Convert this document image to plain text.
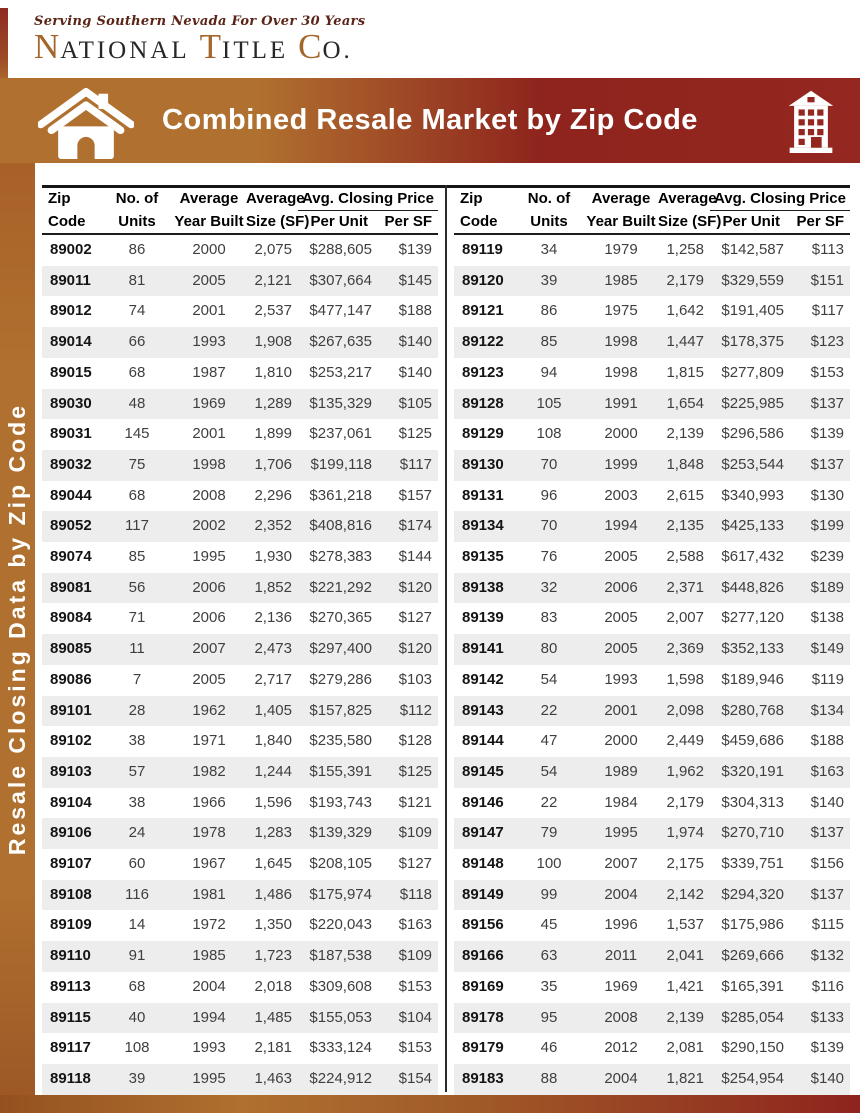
Serving Southern Nevada For Over 30 Years
NATIONAL TITLE CO.
Combined Resale Market by Zip Code
Resale Closing Data by Zip Code
Zip	No. of	Average	Average	Avg. Closing Price	
Code	Units	Year Built	Size (SF)	Per Unit	Per SF
89002	86	2000	2,075	$288,605	$139
89011	81	2005	2,121	$307,664	$145
89012	74	2001	2,537	$477,147	$188
89014	66	1993	1,908	$267,635	$140
89015	68	1987	1,810	$253,217	$140
89030	48	1969	1,289	$135,329	$105
89031	145	2001	1,899	$237,061	$125
89032	75	1998	1,706	$199,118	$117
89044	68	2008	2,296	$361,218	$157
89052	117	2002	2,352	$408,816	$174
89074	85	1995	1,930	$278,383	$144
89081	56	2006	1,852	$221,292	$120
89084	71	2006	2,136	$270,365	$127
89085	11	2007	2,473	$297,400	$120
89086	7	2005	2,717	$279,286	$103
89101	28	1962	1,405	$157,825	$112
89102	38	1971	1,840	$235,580	$128
89103	57	1982	1,244	$155,391	$125
89104	38	1966	1,596	$193,743	$121
89106	24	1978	1,283	$139,329	$109
89107	60	1967	1,645	$208,105	$127
89108	116	1981	1,486	$175,974	$118
89109	14	1972	1,350	$220,043	$163
89110	91	1985	1,723	$187,538	$109
89113	68	2004	2,018	$309,608	$153
89115	40	1994	1,485	$155,053	$104
89117	108	1993	2,181	$333,124	$153
89118	39	1995	1,463	$224,912	$154
Zip	No. of	Average	Average	Avg. Closing Price	
Code	Units	Year Built	Size (SF)	Per Unit	Per SF
89119	34	1979	1,258	$142,587	$113
89120	39	1985	2,179	$329,559	$151
89121	86	1975	1,642	$191,405	$117
89122	85	1998	1,447	$178,375	$123
89123	94	1998	1,815	$277,809	$153
89128	105	1991	1,654	$225,985	$137
89129	108	2000	2,139	$296,586	$139
89130	70	1999	1,848	$253,544	$137
89131	96	2003	2,615	$340,993	$130
89134	70	1994	2,135	$425,133	$199
89135	76	2005	2,588	$617,432	$239
89138	32	2006	2,371	$448,826	$189
89139	83	2005	2,007	$277,120	$138
89141	80	2005	2,369	$352,133	$149
89142	54	1993	1,598	$189,946	$119
89143	22	2001	2,098	$280,768	$134
89144	47	2000	2,449	$459,686	$188
89145	54	1989	1,962	$320,191	$163
89146	22	1984	2,179	$304,313	$140
89147	79	1995	1,974	$270,710	$137
89148	100	2007	2,175	$339,751	$156
89149	99	2004	2,142	$294,320	$137
89156	45	1996	1,537	$175,986	$115
89166	63	2011	2,041	$269,666	$132
89169	35	1969	1,421	$165,391	$116
89178	95	2008	2,139	$285,054	$133
89179	46	2012	2,081	$290,150	$139
89183	88	2004	1,821	$254,954	$140
